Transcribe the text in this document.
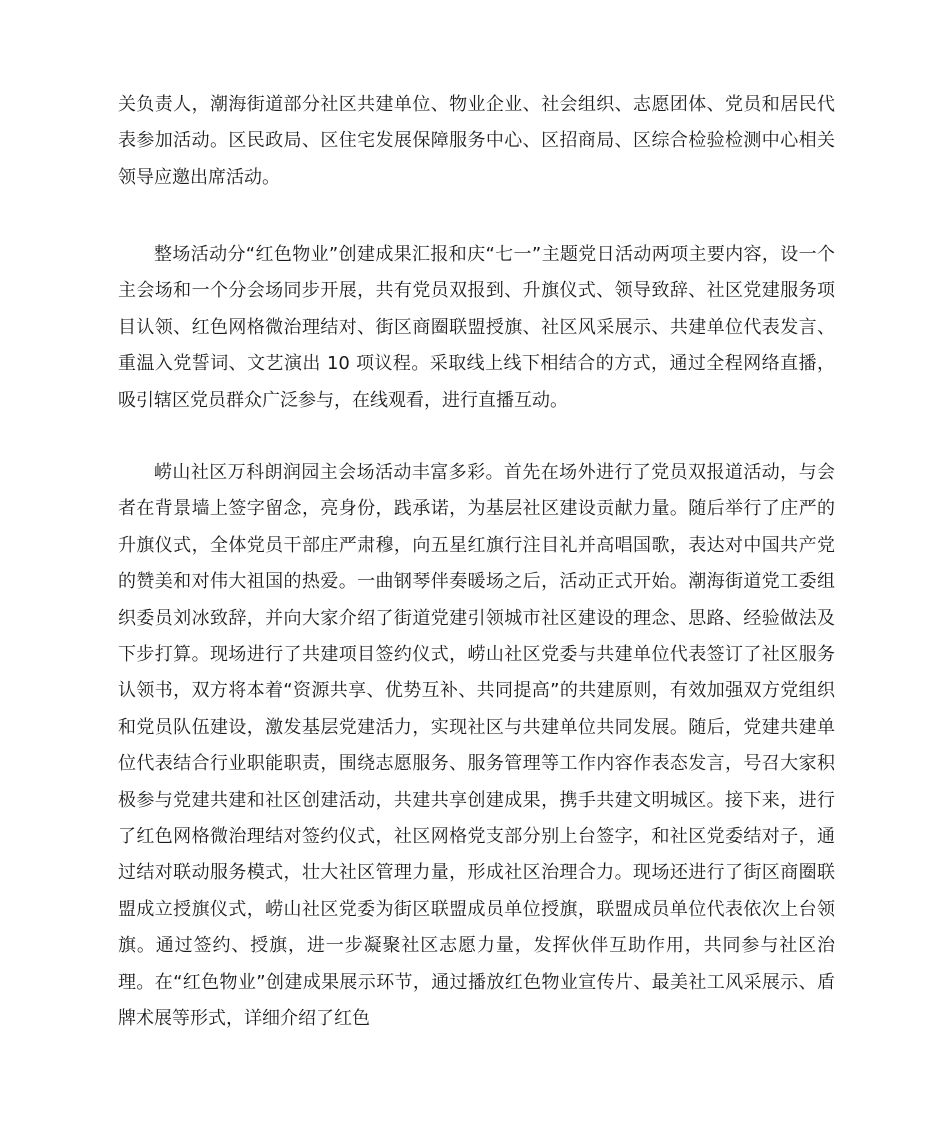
关负责人，潮海街道部分社区共建单位、物业企业、社会组织、志愿团体、党员和居民代表参加活动。区民政局、区住宅发展保障服务中心、区招商局、区综合检验检测中心相关领导应邀出席活动。

整场活动分“红色物业”创建成果汇报和庆“七一”主题党日活动两项主要内容，设一个主会场和一个分会场同步开展，共有党员双报到、升旗仪式、领导致辞、社区党建服务项目认领、红色网格微治理结对、街区商圈联盟授旗、社区风采展示、共建单位代表发言、重温入党誓词、文艺演出 10 项议程。采取线上线下相结合的方式，通过全程网络直播，吸引辖区党员群众广泛参与，在线观看，进行直播互动。

崂山社区万科朗润园主会场活动丰富多彩。首先在场外进行了党员双报道活动，与会者在背景墙上签字留念，亮身份，践承诺，为基层社区建设贡献力量。随后举行了庄严的升旗仪式，全体党员干部庄严肃穆，向五星红旗行注目礼并高唱国歌，表达对中国共产党的赞美和对伟大祖国的热爱。一曲钢琴伴奏暖场之后，活动正式开始。潮海街道党工委组织委员刘冰致辞，并向大家介绍了街道党建引领城市社区建设的理念、思路、经验做法及下步打算。现场进行了共建项目签约仪式，崂山社区党委与共建单位代表签订了社区服务认领书，双方将本着“资源共享、优势互补、共同提高”的共建原则，有效加强双方党组织和党员队伍建设，激发基层党建活力，实现社区与共建单位共同发展。随后，党建共建单位代表结合行业职能职责，围绕志愿服务、服务管理等工作内容作表态发言，号召大家积极参与党建共建和社区创建活动，共建共享创建成果，携手共建文明城区。接下来，进行了红色网格微治理结对签约仪式，社区网格党支部分别上台签字，和社区党委结对子，通过结对联动服务模式，壮大社区管理力量，形成社区治理合力。现场还进行了街区商圈联盟成立授旗仪式，崂山社区党委为街区联盟成员单位授旗，联盟成员单位代表依次上台领旗。通过签约、授旗，进一步凝聚社区志愿力量，发挥伙伴互助作用，共同参与社区治理。在“红色物业”创建成果展示环节，通过播放红色物业宣传片、最美社工风采展示、盾牌术展等形式，详细介绍了红色
